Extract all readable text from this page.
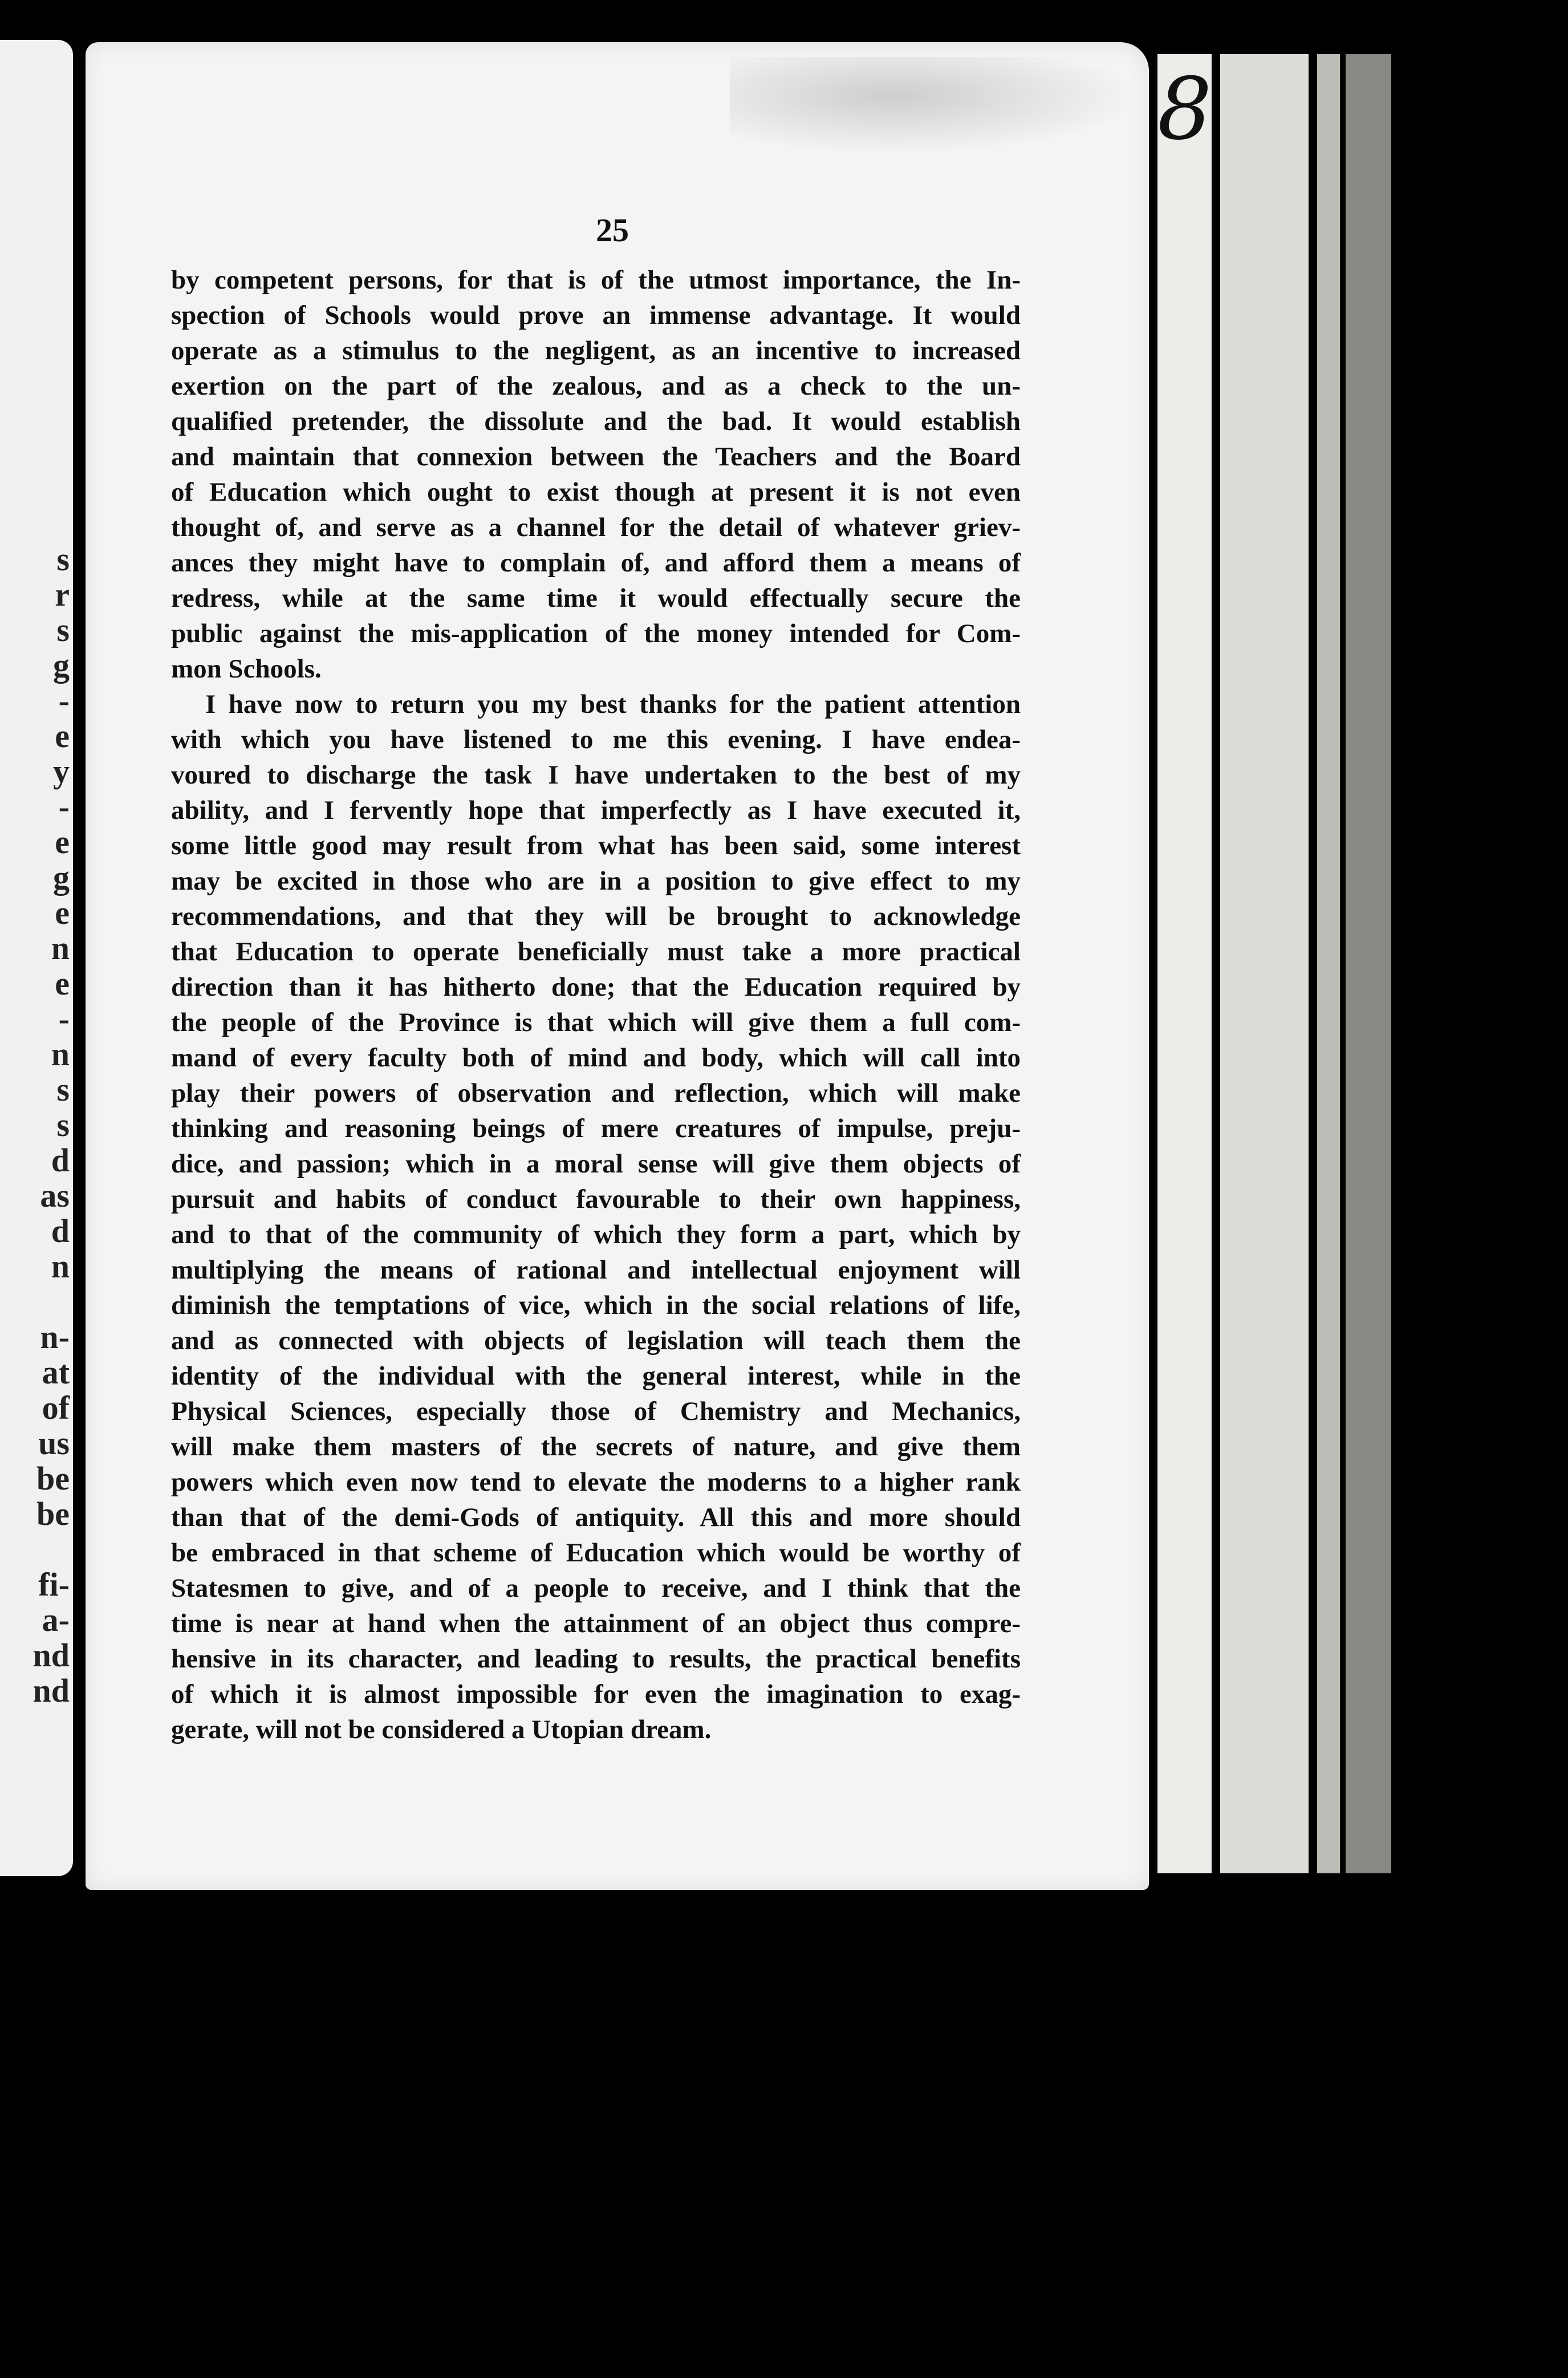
s
r
s
g
-
e
y
-
e
g
e
n
e
-
n
s
s
d
as
d
n

n-
at
of
us
be
be

fi-
a-
nd
nd
8
25
by competent persons, for that is of the utmost importance, the In-
spection of Schools would prove an immense advantage. It would
operate as a stimulus to the negligent, as an incentive to increased
exertion on the part of the zealous, and as a check to the un-
qualified pretender, the dissolute and the bad. It would establish
and maintain that connexion between the Teachers and the Board
of Education which ought to exist though at present it is not even
thought of, and serve as a channel for the detail of whatever griev-
ances they might have to complain of, and afford them a means of
redress, while at the same time it would effectually secure the
public against the mis-application of the money intended for Com-
mon Schools.
I have now to return you my best thanks for the patient attention
with which you have listened to me this evening. I have endea-
voured to discharge the task I have undertaken to the best of my
ability, and I fervently hope that imperfectly as I have executed it,
some little good may result from what has been said, some interest
may be excited in those who are in a position to give effect to my
recommendations, and that they will be brought to acknowledge
that Education to operate beneficially must take a more practical
direction than it has hitherto done; that the Education required by
the people of the Province is that which will give them a full com-
mand of every faculty both of mind and body, which will call into
play their powers of observation and reflection, which will make
thinking and reasoning beings of mere creatures of impulse, preju-
dice, and passion; which in a moral sense will give them objects of
pursuit and habits of conduct favourable to their own happiness,
and to that of the community of which they form a part, which by
multiplying the means of rational and intellectual enjoyment will
diminish the temptations of vice, which in the social relations of life,
and as connected with objects of legislation will teach them the
identity of the individual with the general interest, while in the
Physical Sciences, especially those of Chemistry and Mechanics,
will make them masters of the secrets of nature, and give them
powers which even now tend to elevate the moderns to a higher rank
than that of the demi-Gods of antiquity. All this and more should
be embraced in that scheme of Education which would be worthy of
Statesmen to give, and of a people to receive, and I think that the
time is near at hand when the attainment of an object thus compre-
hensive in its character, and leading to results, the practical benefits
of which it is almost impossible for even the imagination to exag-
gerate, will not be considered a Utopian dream.
